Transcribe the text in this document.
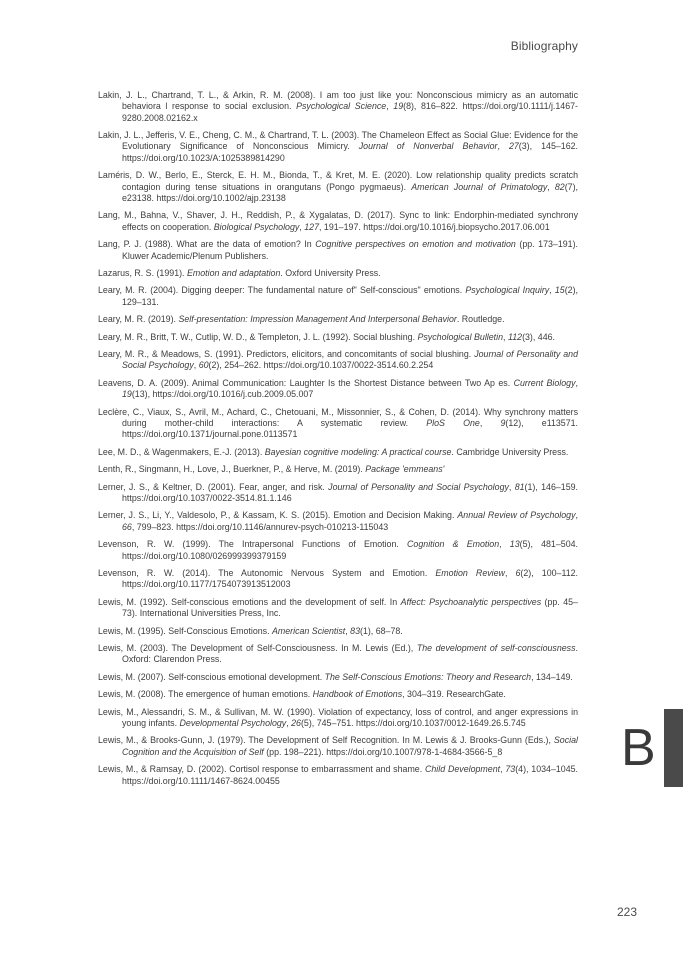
Bibliography
Lakin, J. L., Chartrand, T. L., & Arkin, R. M. (2008). I am too just like you: Nonconscious mimicry as an automatic behaviora l response to social exclusion. Psychological Science, 19(8), 816–822. https://doi.org/10.1111/j.1467-9280.2008.02162.x
Lakin, J. L., Jefferis, V. E., Cheng, C. M., & Chartrand, T. L. (2003). The Chameleon Effect as Social Glue: Evidence for the Evolutionary Significance of Nonconscious Mimicry. Journal of Nonverbal Behavior, 27(3), 145–162. https://doi.org/10.1023/A:1025389814290
Laméris, D. W., Berlo, E., Sterck, E. H. M., Bionda, T., & Kret, M. E. (2020). Low relationship quality predicts scratch contagion during tense situations in orangutans (Pongo pygmaeus). American Journal of Primatology, 82(7), e23138. https://doi.org/10.1002/ajp.23138
Lang, M., Bahna, V., Shaver, J. H., Reddish, P., & Xygalatas, D. (2017). Sync to link: Endorphin-mediated synchrony effects on cooperation. Biological Psychology, 127, 191–197. https://doi.org/10.1016/j.biopsycho.2017.06.001
Lang, P. J. (1988). What are the data of emotion? In Cognitive perspectives on emotion and motivation (pp. 173–191). Kluwer Academic/Plenum Publishers.
Lazarus, R. S. (1991). Emotion and adaptation. Oxford University Press.
Leary, M. R. (2004). Digging deeper: The fundamental nature of" Self-conscious" emotions. Psychological Inquiry, 15(2), 129–131.
Leary, M. R. (2019). Self-presentation: Impression Management And Interpersonal Behavior. Routledge.
Leary, M. R., Britt, T. W., Cutlip, W. D., & Templeton, J. L. (1992). Social blushing. Psychological Bulletin, 112(3), 446.
Leary, M. R., & Meadows, S. (1991). Predictors, elicitors, and concomitants of social blushing. Journal of Personality and Social Psychology, 60(2), 254–262. https://doi.org/10.1037/0022-3514.60.2.254
Leavens, D. A. (2009). Animal Communication: Laughter Is the Shortest Distance between Two Ap es. Current Biology, 19(13), https://doi.org/10.1016/j.cub.2009.05.007
Leclère, C., Viaux, S., Avril, M., Achard, C., Chetouani, M., Missonnier, S., & Cohen, D. (2014). Why synchrony matters during mother-child interactions: A systematic review. PloS One, 9(12), e113571. https://doi.org/10.1371/journal.pone.0113571
Lee, M. D., & Wagenmakers, E.-J. (2013). Bayesian cognitive modeling: A practical course. Cambridge University Press.
Lenth, R., Singmann, H., Love, J., Buerkner, P., & Herve, M. (2019). Package 'emmeans'
Lerner, J. S., & Keltner, D. (2001). Fear, anger, and risk. Journal of Personality and Social Psychology, 81(1), 146–159. https://doi.org/10.1037/0022-3514.81.1.146
Lerner, J. S., Li, Y., Valdesolo, P., & Kassam, K. S. (2015). Emotion and Decision Making. Annual Review of Psychology, 66, 799–823. https://doi.org/10.1146/annurev-psych-010213-115043
Levenson, R. W. (1999). The Intrapersonal Functions of Emotion. Cognition & Emotion, 13(5), 481–504. https://doi.org/10.1080/026999399379159
Levenson, R. W. (2014). The Autonomic Nervous System and Emotion. Emotion Review, 6(2), 100–112. https://doi.org/10.1177/1754073913512003
Lewis, M. (1992). Self-conscious emotions and the development of self. In Affect: Psychoanalytic perspectives (pp. 45–73). International Universities Press, Inc.
Lewis, M. (1995). Self-Conscious Emotions. American Scientist, 83(1), 68–78.
Lewis, M. (2003). The Development of Self-Consciousness. In M. Lewis (Ed.), The development of self-consciousness. Oxford: Clarendon Press.
Lewis, M. (2007). Self-conscious emotional development. The Self-Conscious Emotions: Theory and Research, 134–149.
Lewis, M. (2008). The emergence of human emotions. Handbook of Emotions, 304–319. ResearchGate.
Lewis, M., Alessandri, S. M., & Sullivan, M. W. (1990). Violation of expectancy, loss of control, and anger expressions in young infants. Developmental Psychology, 26(5), 745–751. https://doi.org/10.1037/0012-1649.26.5.745
Lewis, M., & Brooks-Gunn, J. (1979). The Development of Self Recognition. In M. Lewis & J. Brooks-Gunn (Eds.), Social Cognition and the Acquisition of Self (pp. 198–221). https://doi.org/10.1007/978-1-4684-3566-5_8
Lewis, M., & Ramsay, D. (2002). Cortisol response to embarrassment and shame. Child Development, 73(4), 1034–1045. https://doi.org/10.1111/1467-8624.00455
B
223
